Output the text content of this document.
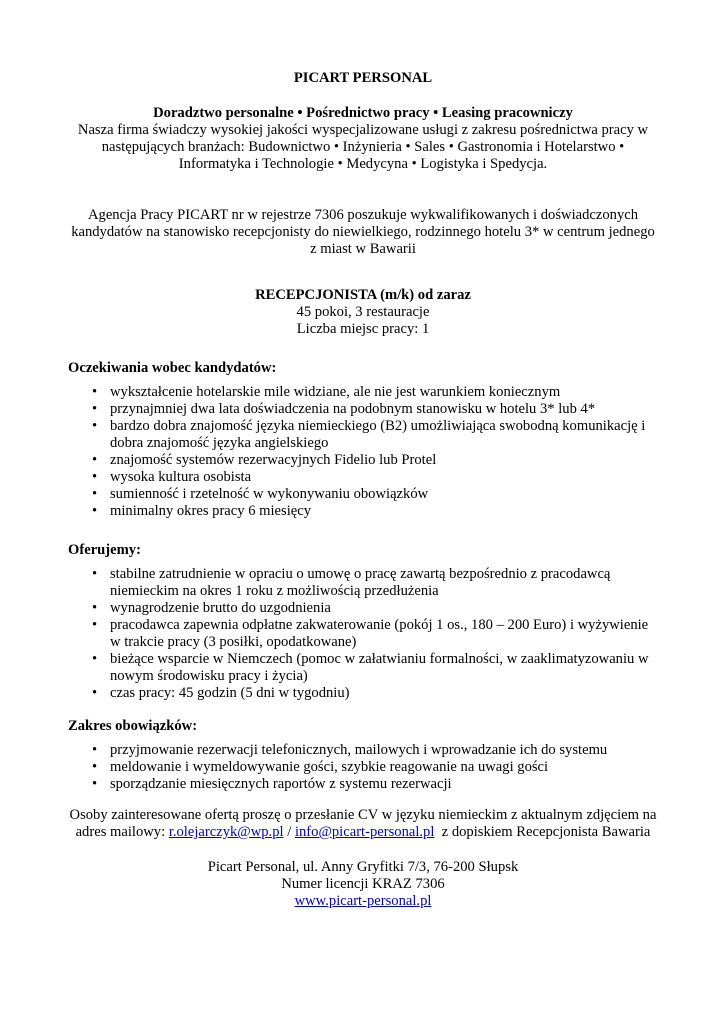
PICART PERSONAL

Doradztwo personalne • Pośrednictwo pracy • Leasing pracowniczy

Nasza firma świadczy wysokiej jakości wyspecjalizowane usługi z zakresu pośrednictwa pracy w następujących branżach: Budownictwo • Inżynieria • Sales • Gastronomia i Hotelarstwo • Informatyka i Technologie • Medycyna • Logistyka i Spedycja.

Agencja Pracy PICART nr w rejestrze 7306 poszukuje wykwalifikowanych i doświadczonych kandydatów na stanowisko recepcjonisty do niewielkiego, rodzinnego hotelu 3* w centrum jednego z miast w Bawarii

RECEPCJONISTA (m/k) od zaraz

45 pokoi, 3 restauracje

Liczba miejsc pracy: 1

Oczekiwania wobec kandydatów:
• wykształcenie hotelarskie mile widziane, ale nie jest warunkiem koniecznym
• przynajmniej dwa lata doświadczenia na podobnym stanowisku w hotelu 3* lub 4*
• bardzo dobra znajomość języka niemieckiego (B2) umożliwiająca swobodną komunikację i dobra znajomość języka angielskiego
• znajomość systemów rezerwacyjnych Fidelio lub Protel
• wysoka kultura osobista
• sumienność i rzetelność w wykonywaniu obowiązków
• minimalny okres pracy 6 miesięcy
Oferujemy:
• stabilne zatrudnienie w opraciu o umowę o pracę zawartą bezpośrednio z pracodawcą niemieckim na okres 1 roku z możliwością przedłużenia
• wynagrodzenie brutto do uzgodnienia
• pracodawca zapewnia odpłatne zakwaterowanie (pokój 1 os., 180 – 200 Euro) i wyżywienie w trakcie pracy (3 posiłki, opodatkowane)
• bieżące wsparcie w Niemczech (pomoc w załatwianiu formalności, w zaaklimatyzowaniu w nowym środowisku pracy i życia)
• czas pracy: 45 godzin (5 dni w tygodniu)
Zakres obowiązków:
• przyjmowanie rezerwacji telefonicznych, mailowych i wprowadzanie ich do systemu
• meldowanie i wymeldowywanie gości, szybkie reagowanie na uwagi gości
• sporządzanie miesięcznych raportów z systemu rezerwacji

Osoby zainteresowane ofertą proszę o przesłanie CV w języku niemieckim z aktualnym zdjęciem na adres mailowy: r.olejarczyk@wp.pl / info@picart-personal.pl z dopiskiem Recepcjonista Bawaria

Picart Personal, ul. Anny Gryfitki 7/3, 76-200 Słupsk

Numer licencji KRAZ 7306

www.picart-personal.pl
